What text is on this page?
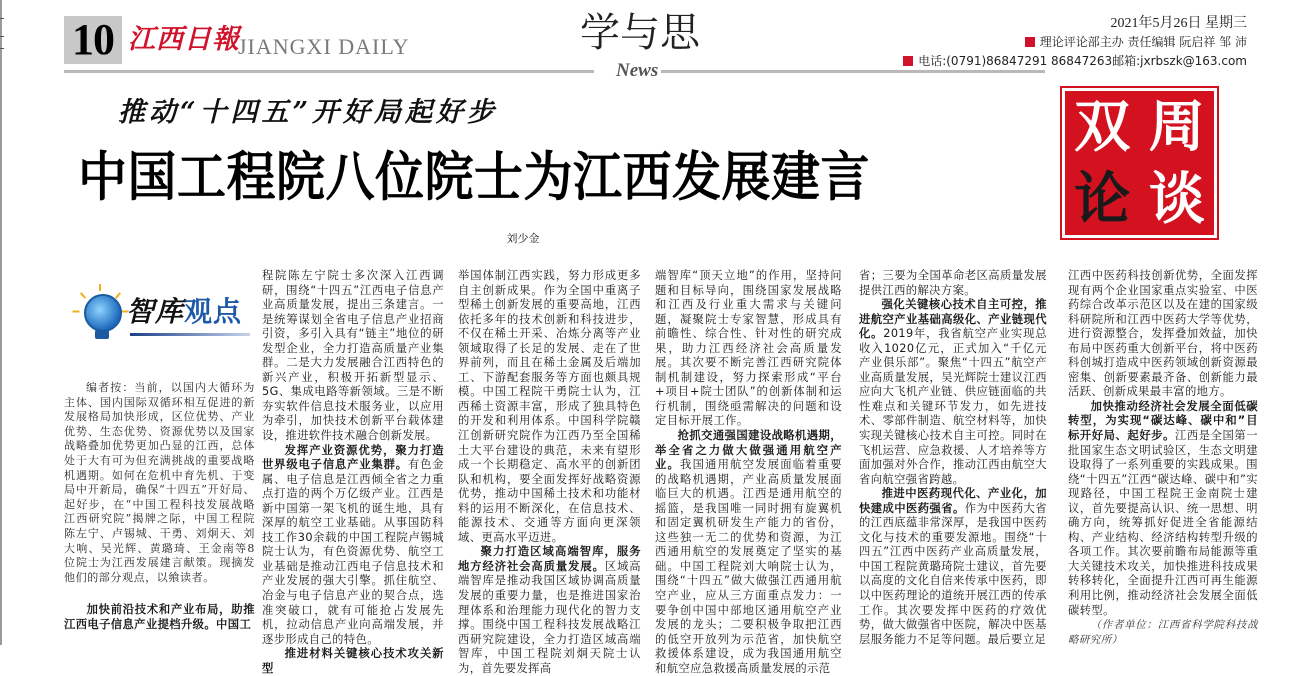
10 江西日報
JIANGXI DAILY	学与思
News
2021年5月26日 星期三
理论评论部主办 责任编辑 阮启祥 邹 沛
电话:(0791)86847291 86847263邮箱:jxrbszk@163.com
推动“十四五”开好局起好步
中国工程院八位院士为江西发展建言
刘少金
双 周
论 谈
智库观点

编者按：当前，以国内大循环为主体、国内国际双循环相互促进的新发展格局加快形成，区位优势、产业优势、生态优势、资源优势以及国家战略叠加优势更加凸显的江西，总体处于大有可为但充满挑战的重要战略机遇期。如何在危机中育先机、于变局中开新局，确保“十四五”开好局、起好步，在“中国工程科技发展战略江西研究院”揭牌之际，中国工程院陈左宁、卢锡城、干勇、刘炯天、刘大响、吴光辉、黄璐琦、王金南等8位院士为江西发展建言献策。现摘发他们的部分观点，以飨读者。

加快前沿技术和产业布局，助推江西电子信息产业提档升级。中国工

程院陈左宁院士多次深入江西调研，围绕“十四五”江西电子信息产业高质量发展，提出三条建言。一是统筹谋划全省电子信息产业招商引资，多引入具有“链主”地位的研发型企业，全力打造高质量产业集群。二是大力发展融合江西特色的新兴产业，积极开拓新型显示、5G、集成电路等新领域。三是不断夯实软件信息技术服务业，以应用为牵引，加快技术创新平台载体建设，推进软件技术融合创新发展。

发挥产业资源优势，聚力打造世界级电子信息产业集群。有色金属、电子信息是江西倾全省之力重点打造的两个万亿级产业。江西是新中国第一架飞机的诞生地，具有深厚的航空工业基础。从事国防科技工作30余载的中国工程院卢锡城院士认为，有色资源优势、航空工业基础是推动江西电子信息技术和产业发展的强大引擎。抓住航空、冶金与电子信息产业的契合点，选准突破口，就有可能抢占发展先机，拉动信息产业向高端发展，并逐步形成自己的特色。

推进材料关键核心技术攻关新型

举国体制江西实践，努力形成更多自主创新成果。作为全国中重离子型稀土创新发展的重要高地，江西依托多年的技术创新和科技进步，不仅在稀土开采、冶炼分离等产业领域取得了长足的发展、走在了世界前列，而且在稀土金属及后端加工、下游配套服务等方面也颇具规模。中国工程院干勇院士认为，江西稀土资源丰富，形成了独具特色的开发和利用体系。中国科学院赣江创新研究院作为江西乃至全国稀土大平台建设的典范，未来有望形成一个长期稳定、高水平的创新团队和机构，要全面发挥好战略资源优势，推动中国稀土技术和功能材料的运用不断深化，在信息技术、能源技术、交通等方面向更深领域、更高水平迈进。

聚力打造区域高端智库，服务地方经济社会高质量发展。区域高端智库是推动我国区域协调高质量发展的重要力量，也是推进国家治理体系和治理能力现代化的智力支撑。围绕中国工程科技发展战略江西研究院建设，全力打造区域高端智库，中国工程院刘炯天院士认为，首先要发挥高

端智库“顶天立地”的作用，坚持问题和目标导向，围绕国家发展战略和江西及行业重大需求与关键问题，凝聚院士专家智慧，形成具有前瞻性、综合性、针对性的研究成果，助力江西经济社会高质量发展。其次要不断完善江西研究院体制机制建设，努力探索形成“平台+项目+院士团队”的创新体制和运行机制，围绕亟需解决的问题和设定目标开展工作。

抢抓交通强国建设战略机遇期，举全省之力做大做强通用航空产业。我国通用航空发展面临着重要的战略机遇期，产业高质量发展面临巨大的机遇。江西是通用航空的摇篮，是我国唯一同时拥有旋翼机和固定翼机研发生产能力的省份，这些独一无二的优势和资源，为江西通用航空的发展奠定了坚实的基础。中国工程院刘大响院士认为，围绕“十四五”做大做强江西通用航空产业，应从三方面重点发力：一要争创中国中部地区通用航空产业发展的龙头；二要积极争取把江西的低空开放列为示范省，加快航空救援体系建设，成为我国通用航空和航空应急救援高质量发展的示范

省；三要为全国革命老区高质量发展提供江西的解决方案。

强化关键核心技术自主可控，推进航空产业基础高级化、产业链现代化。2019年，我省航空产业实现总收入1020亿元，正式加入“千亿元产业俱乐部”。聚焦“十四五”航空产业高质量发展，吴光辉院士建议江西应向大飞机产业链、供应链面临的共性难点和关键环节发力，如先进技术、零部件制造、航空材料等，加快实现关键核心技术自主可控。同时在飞机运营、应急救援、人才培养等方面加强对外合作，推动江西由航空大省向航空强省跨越。

推进中医药现代化、产业化，加快建成中医药强省。作为中医药大省的江西底蕴非常深厚，是我国中医药文化与技术的重要发源地。围绕“十四五”江西中医药产业高质量发展，中国工程院黄璐琦院士建议，首先要以高度的文化自信来传承中医药，即以中医药理论的道统开展江西的传承工作。其次要发挥中医药的疗效优势，做大做强省中医院，解决中医基层服务能力不足等问题。最后要立足

江西中医药科技创新优势，全面发挥现有两个企业国家重点实验室、中医药综合改革示范区以及在建的国家级科研院所和江西中医药大学等优势，进行资源整合，发挥叠加效益，加快布局中医药重大创新平台，将中医药科创城打造成中医药领域创新资源最密集、创新要素最齐备、创新能力最活跃、创新成果最丰富的地方。

加快推动经济社会发展全面低碳转型，为实现“碳达峰、碳中和”目标开好局、起好步。江西是全国第一批国家生态文明试验区，生态文明建设取得了一系列重要的实践成果。围绕“十四五”江西“碳达峰、碳中和”实现路径，中国工程院王金南院士建议，首先要提高认识、统一思想、明确方向，统筹抓好促进全省能源结构、产业结构、经济结构转型升级的各项工作。其次要前瞻布局能源等重大关键技术攻关，加快推进科技成果转移转化，全面提升江西可再生能源利用比例，推动经济社会发展全面低碳转型。

（作者单位：江西省科学院科技战略研究所）
